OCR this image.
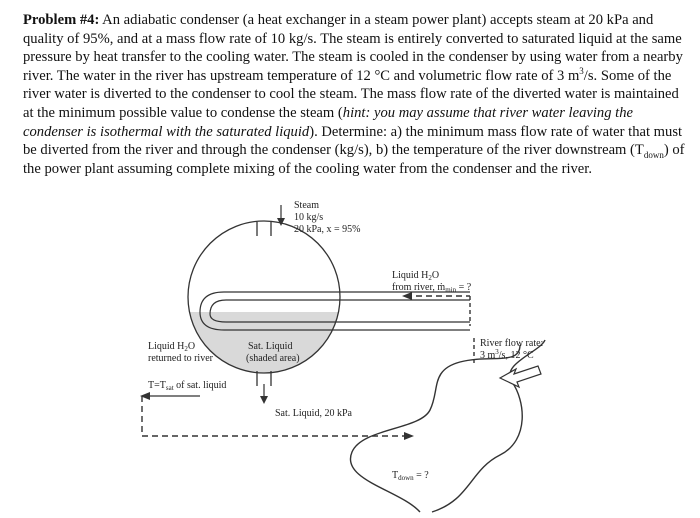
Problem #4: An adiabatic condenser (a heat exchanger in a steam power plant) accepts steam at 20 kPa and quality of 95%, and at a mass flow rate of 10 kg/s. The steam is entirely converted to saturated liquid at the same pressure by heat transfer to the cooling water. The steam is cooled in the condenser by using water from a nearby river. The water in the river has upstream temperature of 12 °C and volumetric flow rate of 3 $m^3/s$. Some of the river water is diverted to the condenser to cool the steam. The mass flow rate of the diverted water is maintained at the minimum possible value to condense the steam (hint: you may assume that river water leaving the condenser is isothermal with the saturated liquid). Determine: a) the minimum mass flow rate of water that must be diverted from the river and through the condenser (kg/s), b) the temperature of the river downstream $(T_{down})$ of the power plant assuming complete mixing of the cooling water from the condenser and the river.

Steam
10 kg/s
20 kPa, x = 95%
Liquid $H_2O$
from river, ṁ$_{min}$ = ?
Liquid $H_2O$
returned to river
$T=T_{sat}$ of sat. liquid
Sat. Liquid
(shaded area)
Sat. Liquid, 20 kPa
River flow rate:
3 $m^3/s$, 12 °C
$T_{down}$ = ?
